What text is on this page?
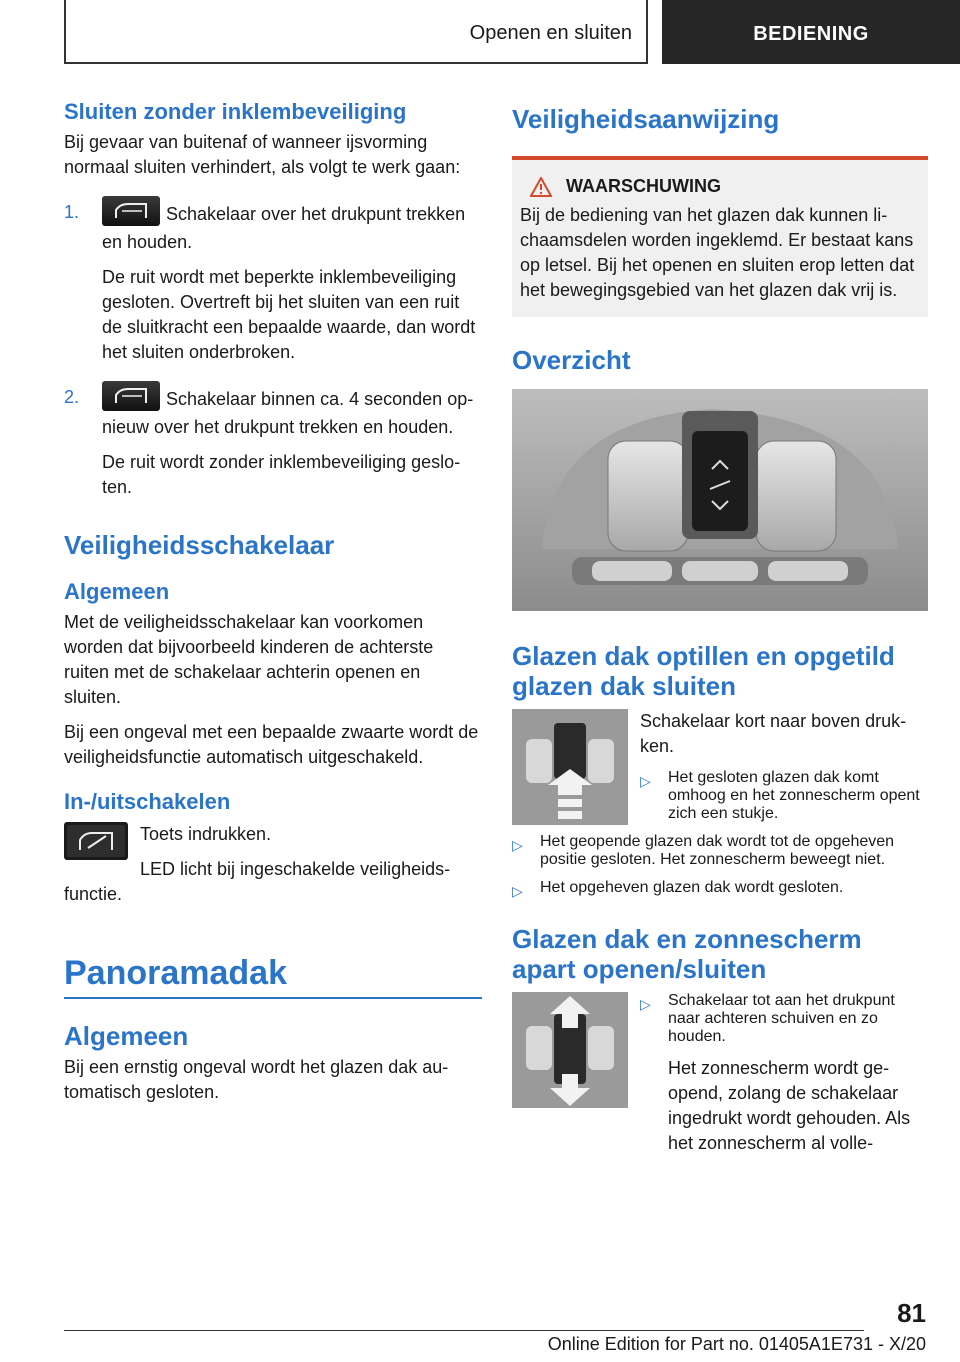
Openen en sluiten	BEDIENING
Sluiten zonder inklembeveiliging

Bij gevaar van buitenaf of wanneer ijsvorming normaal sluiten verhindert, als volgt te werk gaan:

1.	Schakelaar over het drukpunt trekken en houden.

De ruit wordt met beperkte inklembeveiliging gesloten. Overtreft bij het sluiten van een ruit de sluitkracht een bepaalde waarde, dan wordt het sluiten onderbroken.

2.	Schakelaar binnen ca. 4 seconden opnieuw over het drukpunt trekken en houden.

De ruit wordt zonder inklembeveiliging gesloten.

Veiligheidsschakelaar
Algemeen

Met de veiligheidsschakelaar kan voorkomen worden dat bijvoorbeeld kinderen de achterste ruiten met de schakelaar achterin openen en sluiten.

Bij een ongeval met een bepaalde zwaarte wordt de veiligheidsfunctie automatisch uitgeschakeld.

In-/uitschakelen

Toets indrukken.

LED licht bij ingeschakelde veiligheidsfunctie.

Panoramadak
Algemeen

Bij een ernstig ongeval wordt het glazen dak automatisch gesloten.

Veiligheidsaanwijzing
WAARSCHUWING

Bij de bediening van het glazen dak kunnen lichaamsdelen worden ingeklemd. Er bestaat kans op letsel. Bij het openen en sluiten erop letten dat het bewegingsgebied van het glazen dak vrij is.

Overzicht
Glazen dak optillen en opgetild glazen dak sluiten

Schakelaar kort naar boven drukken.

▷	Het gesloten glazen dak komt omhoog en het zonnescherm opent zich een stukje.
▷	Het geopende glazen dak wordt tot de opgeheven positie gesloten. Het zonnescherm beweegt niet.
▷	Het opgeheven glazen dak wordt gesloten.
Glazen dak en zonnescherm apart openen/sluiten
▷	Schakelaar tot aan het drukpunt naar achteren schuiven en zo houden.

Het zonnescherm wordt geopend, zolang de schakelaar ingedrukt wordt gehouden. Als het zonnescherm al volle-

81
Online Edition for Part no. 01405A1E731 - X/20
